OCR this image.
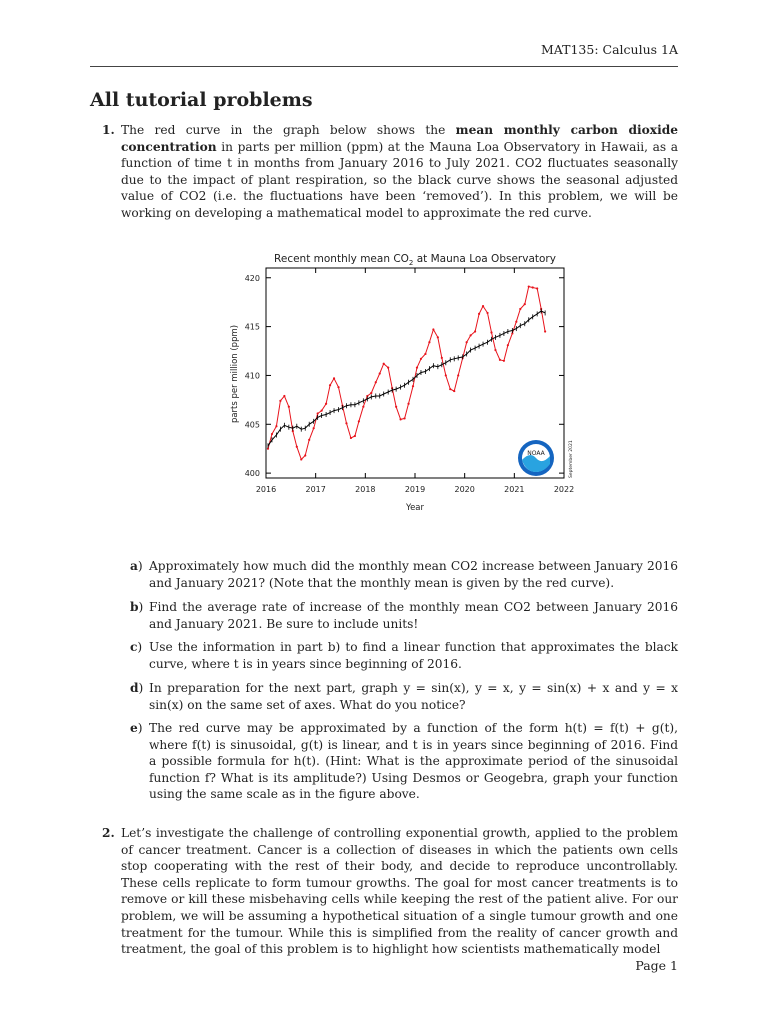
MAT135: Calculus 1A
All tutorial problems
1. The red curve in the graph below shows the mean monthly carbon dioxide concentration in parts per million (ppm) at the Mauna Loa Observatory in Hawaii, as a function of time t in months from January 2016 to July 2021. CO2 fluctuates seasonally due to the impact of plant respiration, so the black curve shows the seasonal adjusted value of CO2 (i.e. the fluctuations have been ‘removed’). In this problem, we will be working on developing a mathematical model to approximate the red curve.
Recent monthly mean $CO_2$ at Mauna Loa Observatory
400
405
410
415
420
2016	2017	2018	2019	2020	2021	2022
NOAA	September 2021
Year
parts per million (ppm)
a) Approximately how much did the monthly mean CO2 increase between January 2016 and January 2021? (Note that the monthly mean is given by the red curve).
b) Find the average rate of increase of the monthly mean CO2 between January 2016 and January 2021. Be sure to include units!
c) Use the information in part b) to find a linear function that approximates the black curve, where t is in years since beginning of 2016.
d) In preparation for the next part, graph y = sin(x), y = x, y = sin(x) + x and y = x sin(x) on the same set of axes. What do you notice?
e) The red curve may be approximated by a function of the form h(t) = f(t) + g(t), where f(t) is sinusoidal, g(t) is linear, and t is in years since beginning of 2016. Find a possible formula for h(t). (Hint: What is the approximate period of the sinusoidal function f? What is its amplitude?) Using Desmos or Geogebra, graph your function using the same scale as in the figure above.
2. Let’s investigate the challenge of controlling exponential growth, applied to the problem of cancer treatment. Cancer is a collection of diseases in which the patients own cells stop cooperating with the rest of their body, and decide to reproduce uncontrollably. These cells replicate to form tumour growths. The goal for most cancer treatments is to remove or kill these misbehaving cells while keeping the rest of the patient alive. For our problem, we will be assuming a hypothetical situation of a single tumour growth and one treatment for the tumour. While this is simplified from the reality of cancer growth and treatment, the goal of this problem is to highlight how scientists mathematically model
Page 1
